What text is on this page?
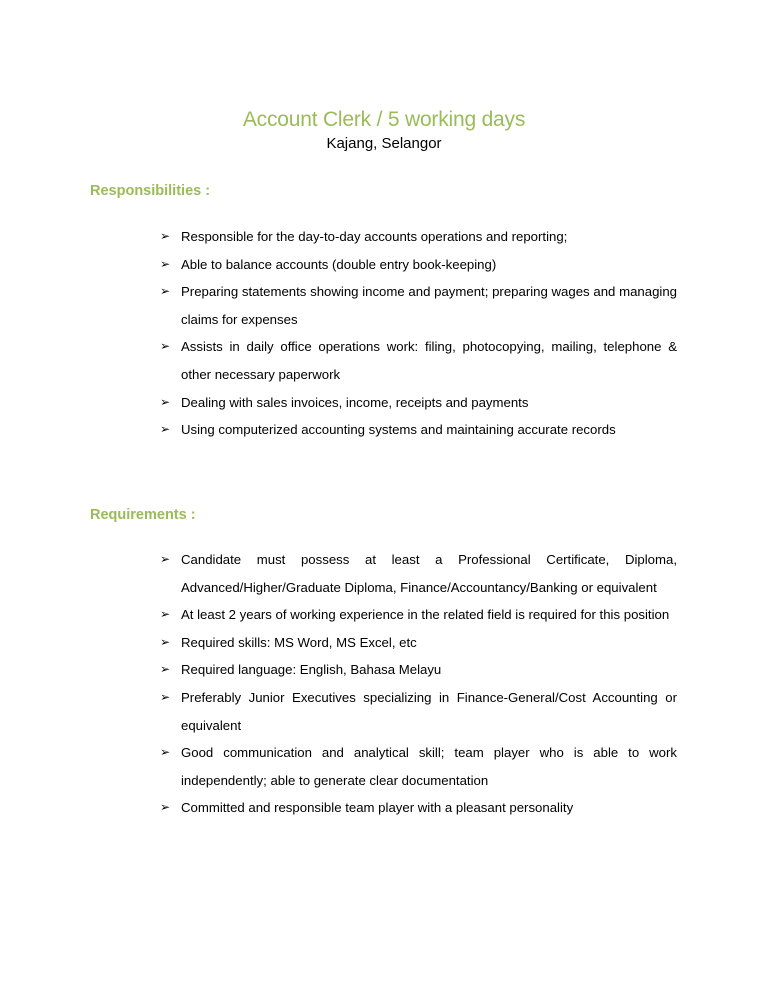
Account Clerk / 5 working days
Kajang, Selangor
Responsibilities :
➢ Responsible for the day-to-day accounts operations and reporting;
➢ Able to balance accounts (double entry book-keeping)
➢ Preparing statements showing income and payment; preparing wages and managing claims for expenses
➢ Assists in daily office operations work: filing, photocopying, mailing, telephone & other necessary paperwork
➢ Dealing with sales invoices, income, receipts and payments
➢ Using computerized accounting systems and maintaining accurate records
Requirements :
➢ Candidate must possess at least a Professional Certificate, Diploma, Advanced/Higher/Graduate Diploma, Finance/Accountancy/Banking or equivalent
➢ At least 2 years of working experience in the related field is required for this position
➢ Required skills: MS Word, MS Excel, etc
➢ Required language: English, Bahasa Melayu
➢ Preferably Junior Executives specializing in Finance-General/Cost Accounting or equivalent
➢ Good communication and analytical skill; team player who is able to work independently; able to generate clear documentation
➢ Committed and responsible team player with a pleasant personality
